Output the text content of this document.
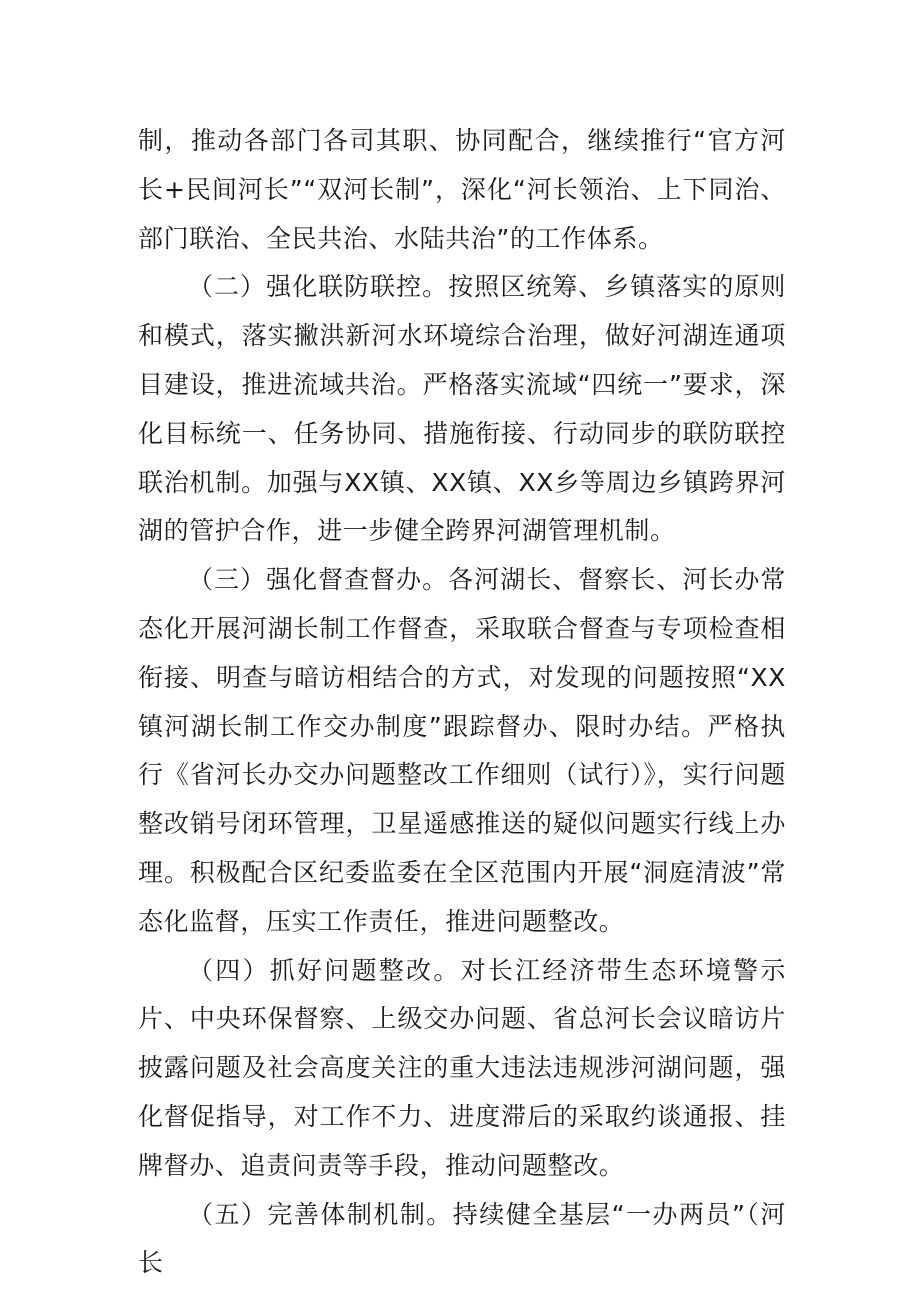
制，推动各部门各司其职、协同配合，继续推行“官方河长+民间河长”“双河长制”，深化“河长领治、上下同治、部门联治、全民共治、水陆共治”的工作体系。

（二）强化联防联控。按照区统筹、乡镇落实的原则和模式，落实撇洪新河水环境综合治理，做好河湖连通项目建设，推进流域共治。严格落实流域“四统一”要求，深化目标统一、任务协同、措施衔接、行动同步的联防联控联治机制。加强与XX镇、XX镇、XX乡等周边乡镇跨界河湖的管护合作，进一步健全跨界河湖管理机制。

（三）强化督查督办。各河湖长、督察长、河长办常态化开展河湖长制工作督查，采取联合督查与专项检查相衔接、明查与暗访相结合的方式，对发现的问题按照“XX镇河湖长制工作交办制度”跟踪督办、限时办结。严格执行《省河长办交办问题整改工作细则（试行）》，实行问题整改销号闭环管理，卫星遥感推送的疑似问题实行线上办理。积极配合区纪委监委在全区范围内开展“洞庭清波”常态化监督，压实工作责任，推进问题整改。

（四）抓好问题整改。对长江经济带生态环境警示片、中央环保督察、上级交办问题、省总河长会议暗访片披露问题及社会高度关注的重大违法违规涉河湖问题，强化督促指导，对工作不力、进度滞后的采取约谈通报、挂牌督办、追责问责等手段，推动问题整改。

（五）完善体制机制。持续健全基层“一办两员”（河长
